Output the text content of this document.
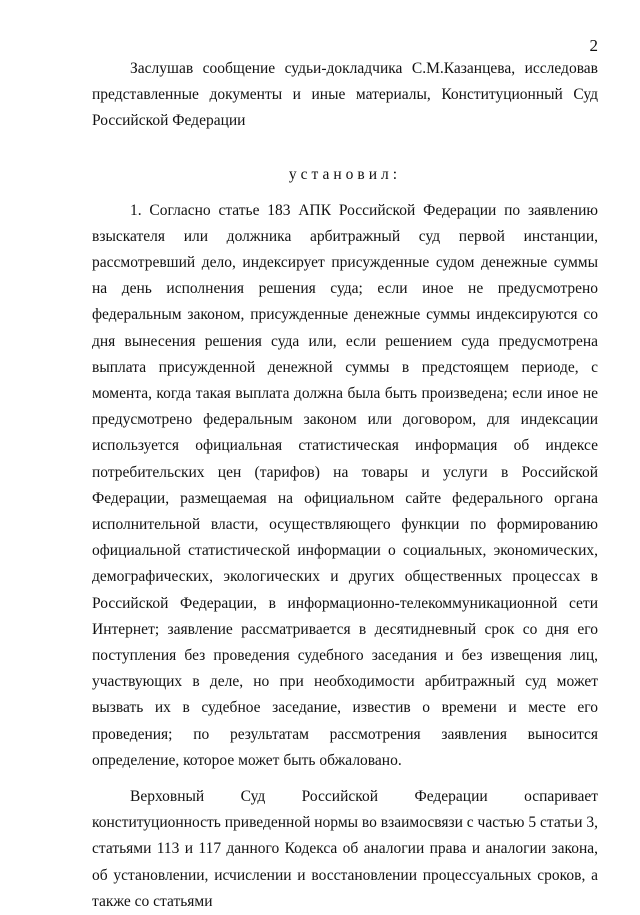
2

Заслушав сообщение судьи-докладчика С.М.Казанцева, исследовав представленные документы и иные материалы, Конституционный Суд Российской Федерации

установил:

1. Согласно статье 183 АПК Российской Федерации по заявлению взыскателя или должника арбитражный суд первой инстанции, рассмотревший дело, индексирует присужденные судом денежные суммы на день исполнения решения суда; если иное не предусмотрено федеральным законом, присужденные денежные суммы индексируются со дня вынесения решения суда или, если решением суда предусмотрена выплата присужденной денежной суммы в предстоящем периоде, с момента, когда такая выплата должна была быть произведена; если иное не предусмотрено федеральным законом или договором, для индексации используется официальная статистическая информация об индексе потребительских цен (тарифов) на товары и услуги в Российской Федерации, размещаемая на официальном сайте федерального органа исполнительной власти, осуществляющего функции по формированию официальной статистической информации о социальных, экономических, демографических, экологических и других общественных процессах в Российской Федерации, в информационно-телекоммуникационной сети Интернет; заявление рассматривается в десятидневный срок со дня его поступления без проведения судебного заседания и без извещения лиц, участвующих в деле, но при необходимости арбитражный суд может вызвать их в судебное заседание, известив о времени и месте его проведения; по результатам рассмотрения заявления выносится определение, которое может быть обжаловано.

Верховный Суд Российской Федерации оспаривает конституционность приведенной нормы во взаимосвязи с частью 5 статьи 3, статьями 113 и 117 данного Кодекса об аналогии права и аналогии закона, об установлении, исчислении и восстановлении процессуальных сроков, а также со статьями
